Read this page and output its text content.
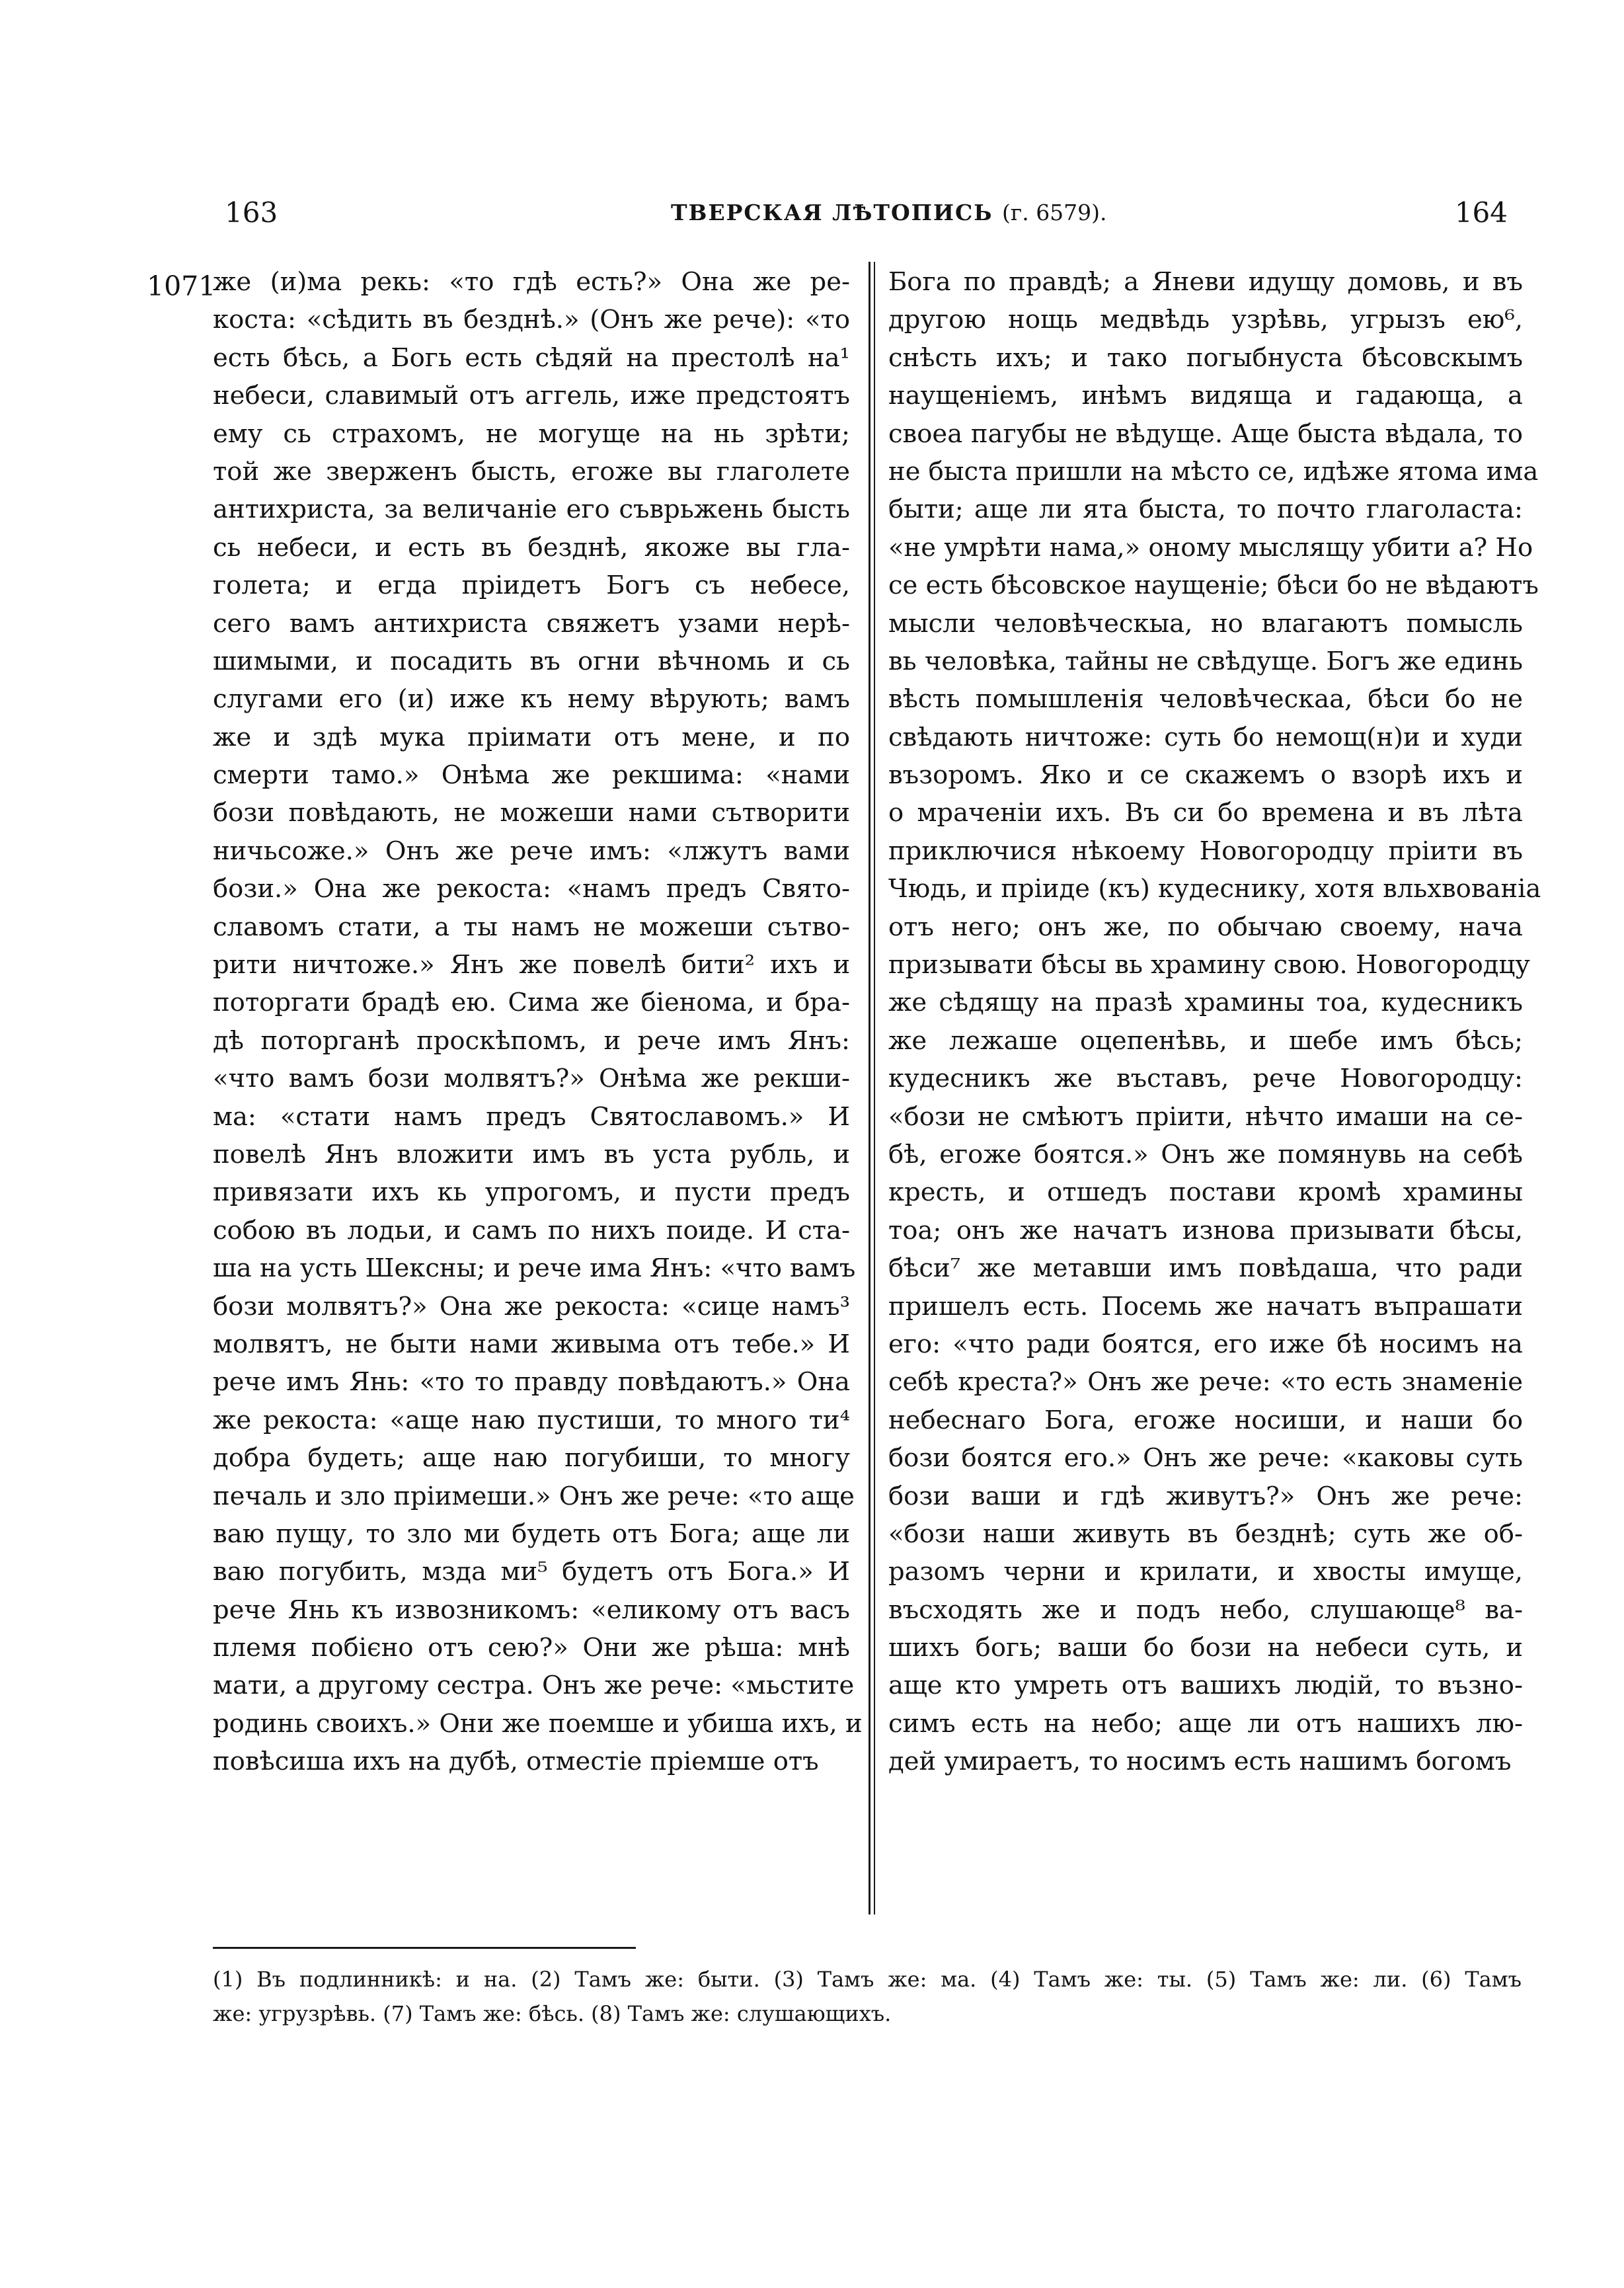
163	ТВЕРСКАЯ ЛѢТОПИСЬ (г. 6579).	164
1071
же (и)ма рекь: «то гдѣ есть?» Она же ре-
коста: «сѣдить въ безднѣ.» (Онъ же рече): «то
есть бѣсь, а Богь есть сѣдяй на престолѣ на¹
небеси, славимый отъ аггель, иже предстоятъ
ему сь страхомъ, не могуще на нь зрѣти;
той же зверженъ бысть, егоже вы глаголете
антихриста, за величаніе его съврьжень бысть
сь небеси, и есть въ безднѣ, якоже вы гла-
голета; и егда пріидетъ Богъ съ небесе,
сего вамъ антихриста свяжетъ узами нерѣ-
шимыми, и посадить въ огни вѣчномь и сь
слугами его (и) иже къ нему вѣрують; вамъ
же и здѣ мука пріимати отъ мене, и по
смерти тамо.» Онѣма же рекшима: «нами
бози повѣдають, не можеши нами сътворити
ничьсоже.» Онъ же рече имъ: «лжутъ вами
бози.» Она же рекоста: «намъ предъ Свято-
славомъ стати, а ты намъ не можеши сътво-
рити ничтоже.» Янъ же повелѣ бити² ихъ и
поторгати брадѣ ею. Сима же біенома, и бра-
дѣ поторганѣ проскѣпомъ, и рече имъ Янъ:
«что вамъ бози молвятъ?» Онѣма же рекши-
ма: «стати намъ предъ Святославомъ.» И
повелѣ Янъ вложити имъ въ уста рубль, и
привязати ихъ кь упрогомъ, и пусти предъ
собою въ лодьи, и самъ по нихъ поиде. И ста-
ша на усть Шексны; и рече има Янъ: «что вамъ
бози молвятъ?» Она же рекоста: «сице намъ³
молвятъ, не быти нами живыма отъ тебе.» И
рече имъ Янь: «то то правду повѣдаютъ.» Она
же рекоста: «аще наю пустиши, то много ти⁴
добра будеть; аще наю погубиши, то многу
печаль и зло пріимеши.» Онъ же рече: «то аще
ваю пущу, то зло ми будеть отъ Бога; аще ли
ваю погубить, мзда ми⁵ будетъ отъ Бога.» И
рече Янь къ извозникомъ: «еликому отъ васъ
племя побієно отъ сею?» Они же рѣша: мнѣ
мати, а другому сестра. Онъ же рече: «мьстите
родинь своихъ.» Они же поемше и убиша ихъ, и
повѣсиша ихъ на дубѣ, отместіе пріемше отъ
Бога по правдѣ; а Яневи идущу домовь, и въ
другою нощь медвѣдь узрѣвь, угрызъ ею⁶,
снѣсть ихъ; и тако погыбнуста бѣсовскымъ
наущеніемъ, инѣмъ видяща и гадающа, а
своеа пагубы не вѣдуще. Аще быста вѣдала, то
не быста пришли на мѣсто се, идѣже ятома има
быти; аще ли ята быста, то почто глаголаста:
«не умрѣти нама,» оному мыслящу убити а? Но
се есть бѣсовское наущеніе; бѣси бо не вѣдаютъ
мысли человѣческыа, но влагаютъ помысль
вь человѣка, тайны не свѣдуще. Богъ же единь
вѣсть помышленія человѣческаа, бѣси бо не
свѣдають ничтоже: суть бо немощ(н)и и худи
възоромъ. Яко и се скажемъ о взорѣ ихъ и
о мраченіи ихъ. Въ си бо времена и въ лѣта
приключися нѣкоему Новогородцу пріити въ
Чюдь, и пріиде (къ) кудеснику, хотя вльхвованіа
отъ него; онъ же, по обычаю своему, нача
призывати бѣсы вь храмину свою. Новогородцу
же сѣдящу на празѣ храмины тоа, кудесникъ
же лежаше оцепенѣвь, и шебе имъ бѣсь;
кудесникъ же въставъ, рече Новогородцу:
«бози не смѣютъ пріити, нѣчто имаши на се-
бѣ, егоже боятся.» Онъ же помянувь на себѣ
кресть, и отшедъ постави кромѣ храмины
тоа; онъ же начатъ изнова призывати бѣсы,
бѣси⁷ же метавши имъ повѣдаша, что ради
пришелъ есть. Посемь же начатъ въпрашати
его: «что ради боятся, его иже бѣ носимъ на
себѣ креста?» Онъ же рече: «то есть знаменіе
небеснаго Бога, егоже носиши, и наши бо
бози боятся его.» Онъ же рече: «каковы суть
бози ваши и гдѣ живутъ?» Онъ же рече:
«бози наши живуть въ безднѣ; суть же об-
разомъ черни и крилати, и хвосты имуще,
въсходять же и подъ небо, слушающе⁸ ва-
шихъ богь; ваши бо бози на небеси суть, и
аще кто умреть отъ вашихъ людій, то възно-
симъ есть на небо; аще ли отъ нашихъ лю-
дей умираетъ, то носимъ есть нашимъ богомъ
(1) Въ подлинникѣ: и на. (2) Тамъ же: быти. (3) Тамъ же: ма. (4) Тамъ же: ты. (5) Тамъ же: ли. (6) Тамъ
же: угрузрѣвь. (7) Тамъ же: бѣсь. (8) Тамъ же: слушающихъ.
